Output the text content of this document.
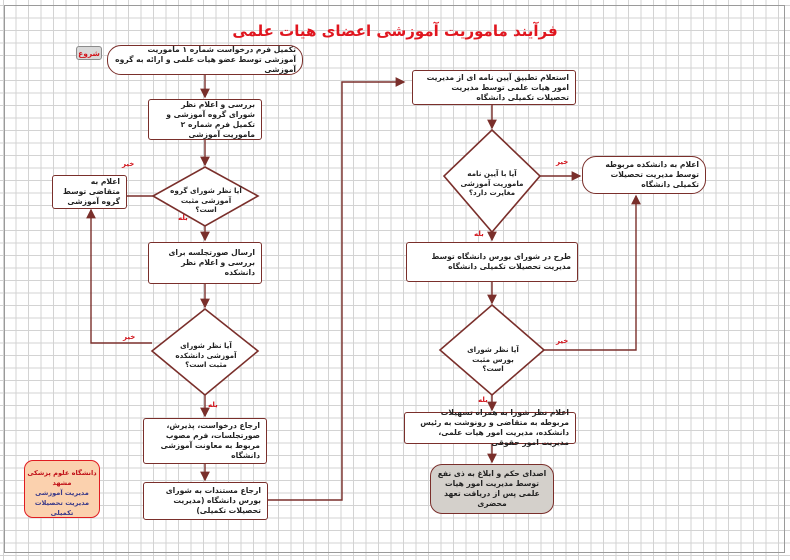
فرآیند ماموریت آموزشی اعضای هیات علمی
شروع	تکمیل فرم درخواست شماره ۱ ماموریت آموزشی توسط عضو هیات علمی و ارائه به گروه آموزشی
بررسی و اعلام نظر شورای گروه آموزشی و تکمیل فرم شماره ۲ ماموریت آموزشی
آیا نظر شورای گروه آموزشی مثبت است؟
اعلام به متقاضی توسط گروه آموزشی
ارسال صورتجلسه برای بررسی و اعلام نظر دانشکده
آیا نظر شورای آموزشی دانشکده مثبت است؟
ارجاع درخواست، پذیرش، صورتجلسات، فرم مصوب مربوط به معاونت آموزشی دانشگاه
ارجاع مستندات به شورای بورس دانشگاه (مدیریت تحصیلات تکمیلی)
استعلام تطبیق آیین نامه ای از مدیریت امور هیات علمی توسط مدیریت تحصیلات تکمیلی دانشگاه
آیا با آیین نامه ماموریت آموزشی مغایرت دارد؟
اعلام به دانشکده مربوطه توسط مدیریت تحصیلات تکمیلی دانشگاه
طرح در شورای بورس دانشگاه توسط مدیریت تحصیلات تکمیلی دانشگاه
آیا نظر شورای بورس مثبت است؟
اعلام نظر شورا به همراه تسهیلات مربوطه به متقاضی و رونوشت به رئیس دانشکده، مدیریت امور هیات علمی، مدیریت امور حقوقی
اصدای حکم و ابلاغ به ذی نفع توسط مدیریت امور هیات علمی پس از دریافت تعهد محضری
خیر
بله
خیر
بله
خیر
بله
خیر
بله
دانشگاه علوم پزشکی مشهد
مدیریت آموزشی
مدیریت تحصیلات تکمیلی
